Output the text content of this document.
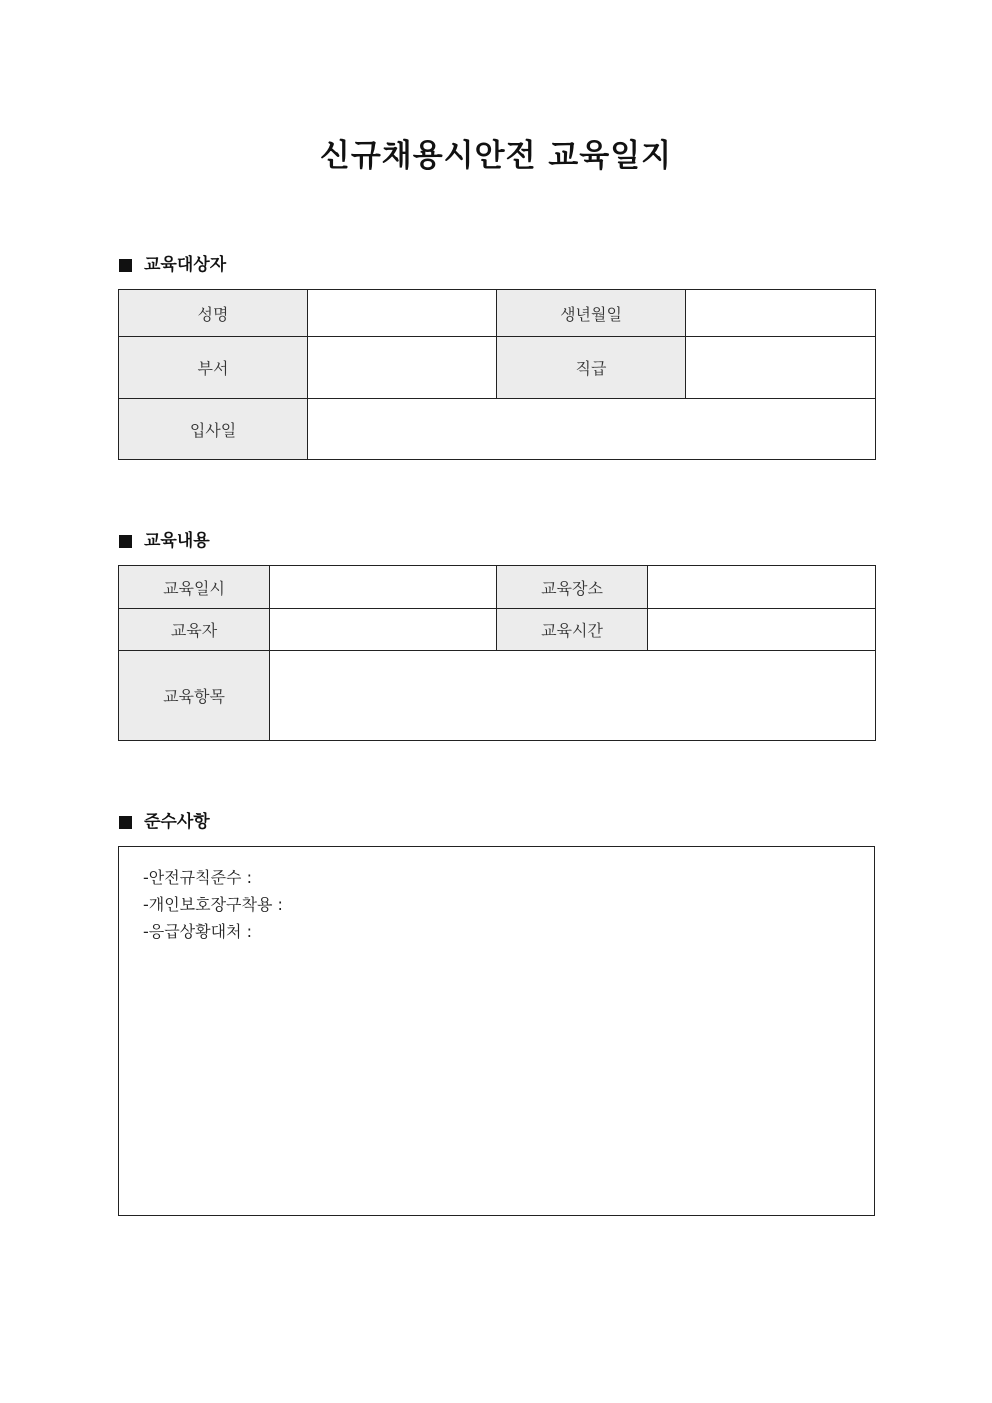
신규채용시안전 교육일지
교육대상자
성명		생년월일	
부서		직급	
입사일			
교육내용
교육일시		교육장소	
교육자		교육시간	
교육항목			
준수사항
-안전규칙준수 :
-개인보호장구착용 :
-응급상황대처 :
